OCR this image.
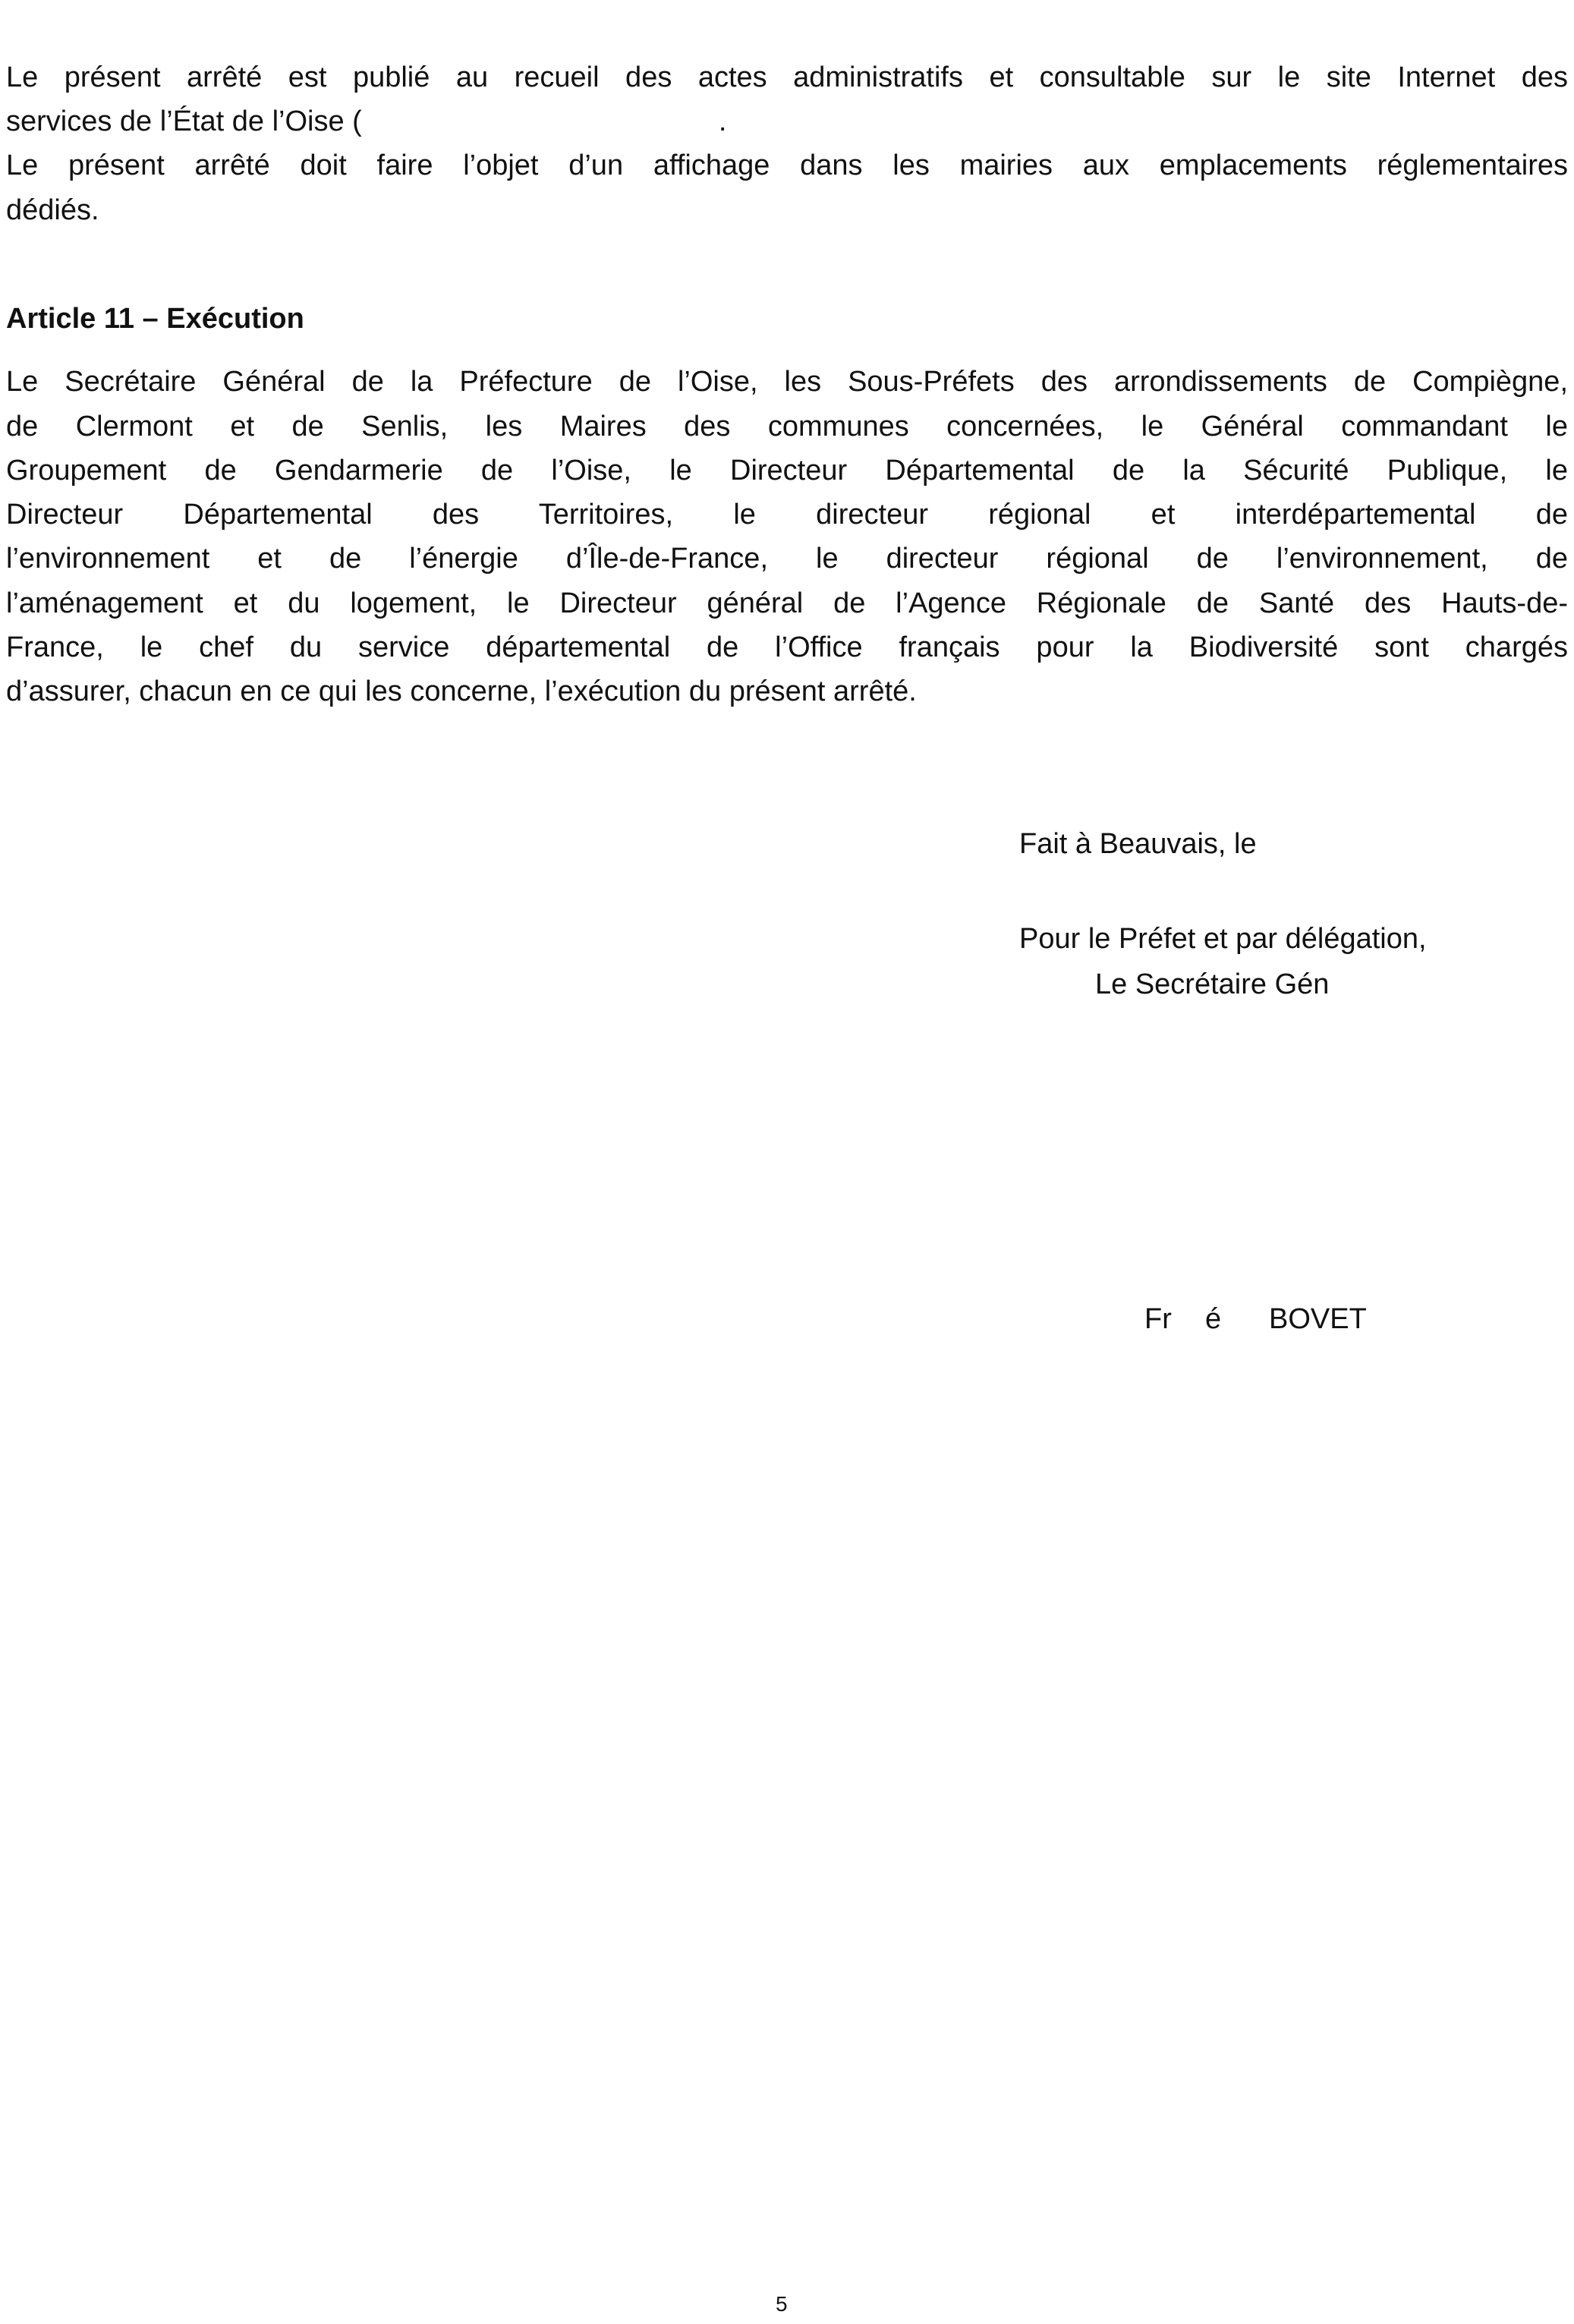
Le présent arrêté est publié au recueil des actes administratifs et consultable sur le site Internet des
services de l’État de l’Oise (	.
Le présent arrêté doit faire l’objet d’un affichage dans les mairies aux emplacements réglementaires
dédiés.
Article 11 – Exécution
Le Secrétaire Général de la Préfecture de l’Oise, les Sous-Préfets des arrondissements de Compiègne,
de Clermont et de Senlis, les Maires des communes concernées, le Général commandant le
Groupement de Gendarmerie de l’Oise, le Directeur Départemental de la Sécurité Publique, le
Directeur Départemental des Territoires, le directeur régional et interdépartemental de
l’environnement et de l’énergie d’Île-de-France, le directeur régional de l’environnement, de
l’aménagement et du logement, le Directeur général de l’Agence Régionale de Santé des Hauts-de-
France, le chef du service départemental de l’Office français pour la Biodiversité sont chargés
d’assurer, chacun en ce qui les concerne, l’exécution du présent arrêté.
Fait à Beauvais, le
Pour le Préfet et par délégation,
Le Secrétaire Gén
Fr é BOVET
5
